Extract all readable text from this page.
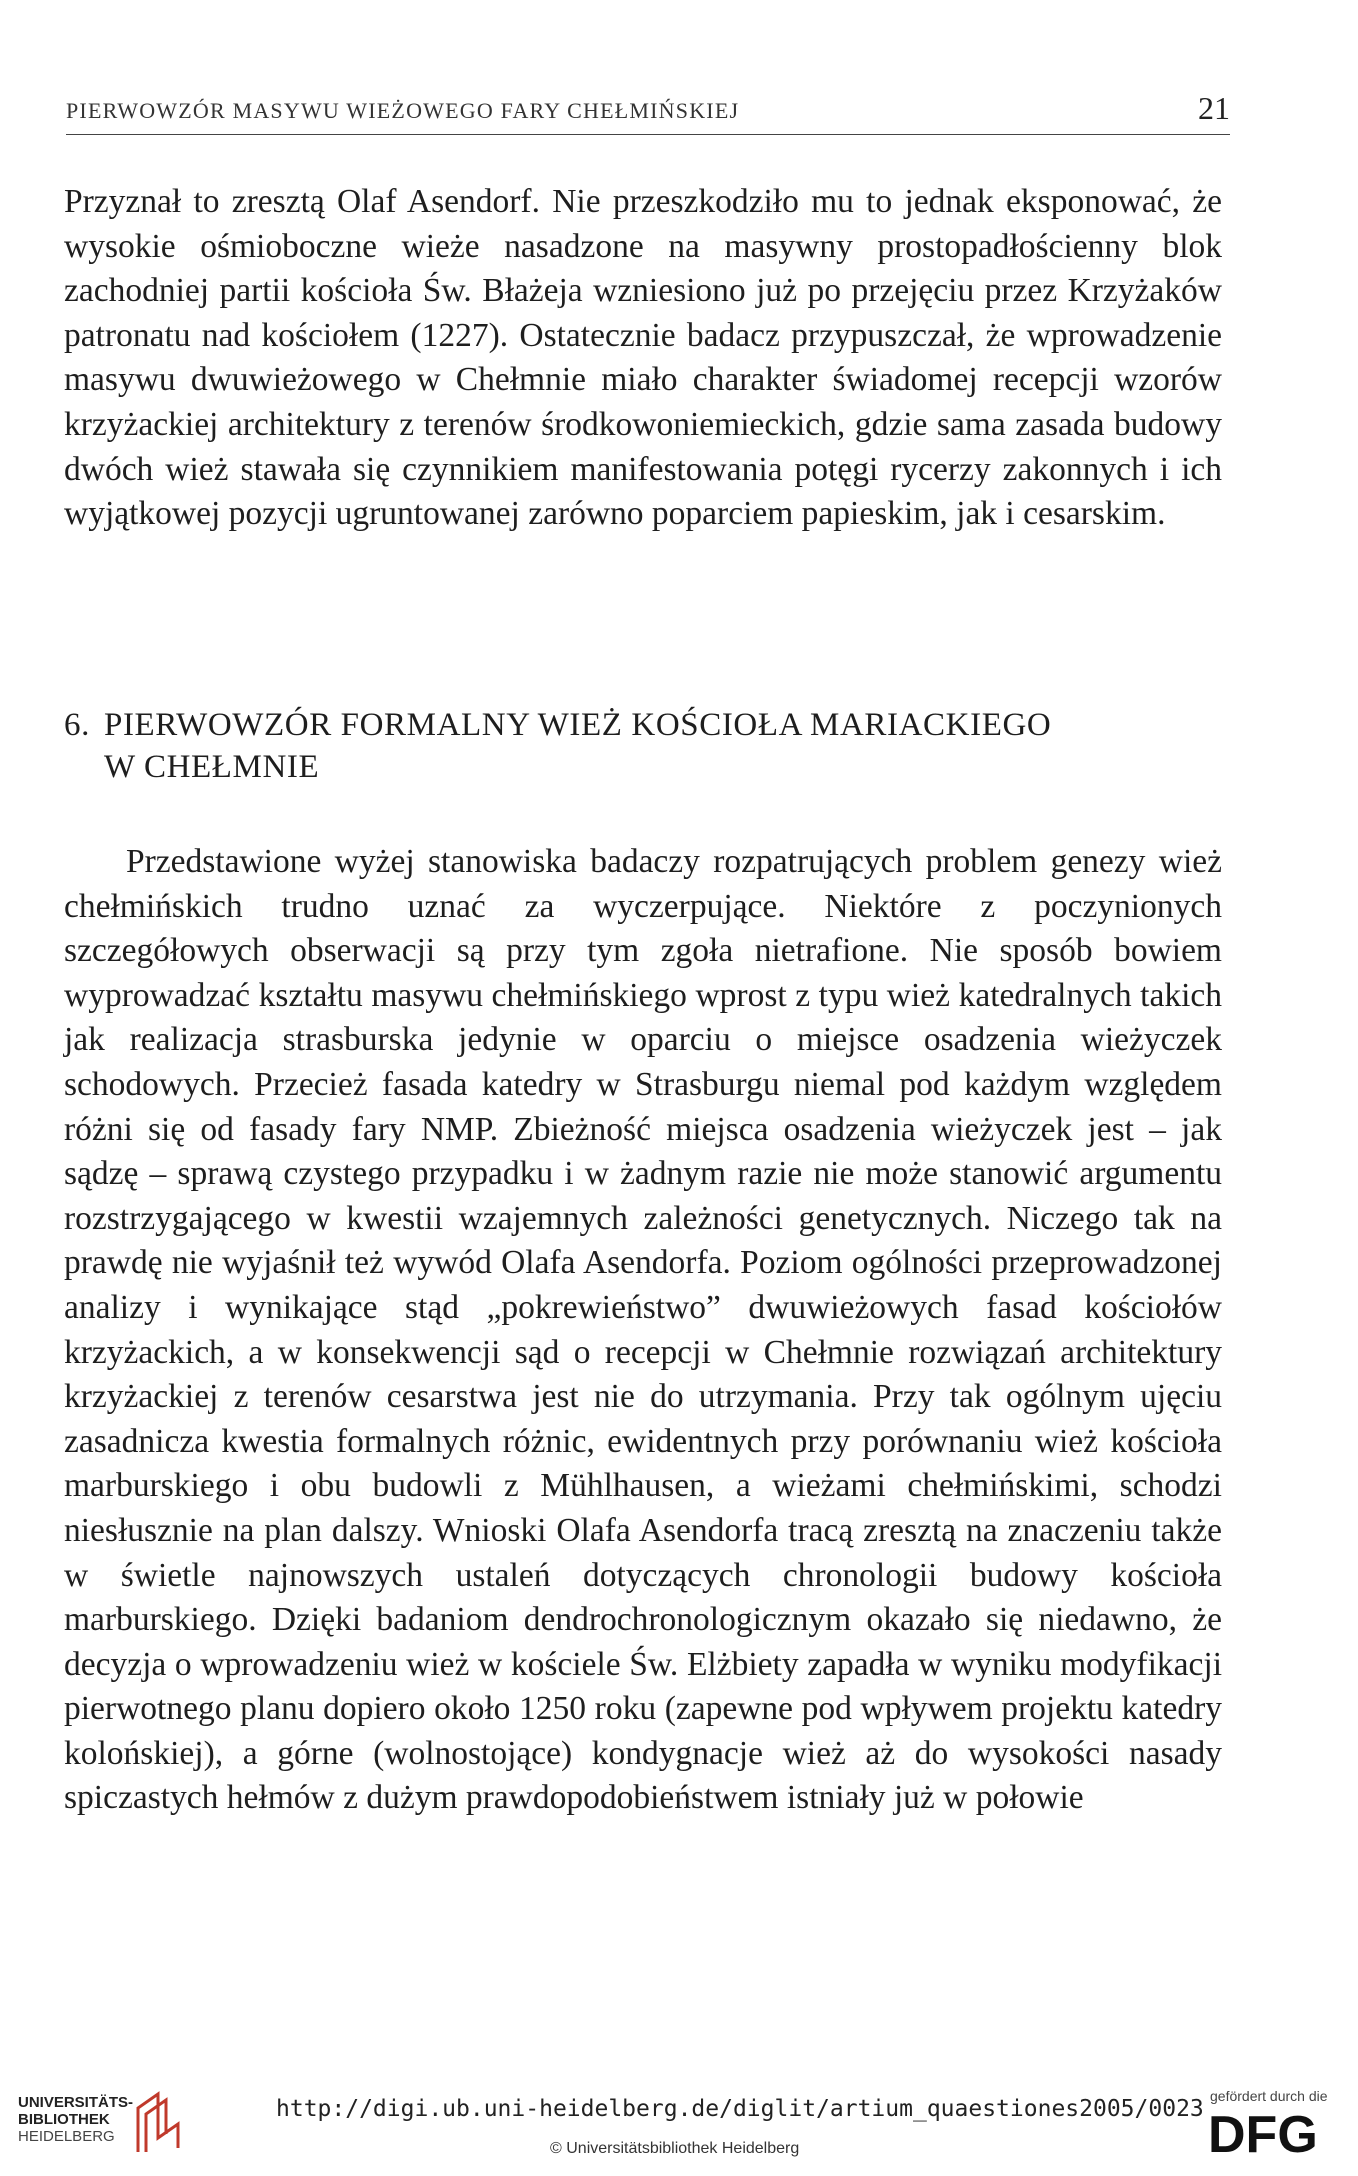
PIERWOWZÓR MASYWU WIEŻOWEGO FARY CHEŁMIŃSKIEJ	21

Przyznał to zresztą Olaf Asendorf. Nie przeszkodziło mu to jednak eksponować, że wysokie ośmioboczne wieże nasadzone na masywny prostopadłościenny blok zachodniej partii kościoła Św. Błażeja wzniesiono już po przejęciu przez Krzyżaków patronatu nad kościołem (1227). Ostatecznie badacz przypuszczał, że wprowadzenie masywu dwuwieżowego w Chełmnie miało charakter świadomej recepcji wzorów krzyżackiej architektury z terenów środkowoniemieckich, gdzie sama zasada budowy dwóch wież stawała się czynnikiem manifestowania potęgi rycerzy zakonnych i ich wyjątkowej pozycji ugruntowanej zarówno poparciem papieskim, jak i cesarskim.

6. PIERWOWZÓR FORMALNY WIEŻ KOŚCIOŁA MARIACKIEGO
W CHEŁMNIE

Przedstawione wyżej stanowiska badaczy rozpatrujących problem genezy wież chełmińskich trudno uznać za wyczerpujące. Niektóre z poczynionych szczegółowych obserwacji są przy tym zgoła nietrafione. Nie sposób bowiem wyprowadzać kształtu masywu chełmińskiego wprost z typu wież katedralnych takich jak realizacja strasburska jedynie w oparciu o miejsce osadzenia wieżyczek schodowych. Przecież fasada katedry w Strasburgu niemal pod każdym względem różni się od fasady fary NMP. Zbieżność miejsca osadzenia wieżyczek jest – jak sądzę – sprawą czystego przypadku i w żadnym razie nie może stanowić argumentu rozstrzygającego w kwestii wzajemnych zależności genetycznych. Niczego tak na prawdę nie wyjaśnił też wywód Olafa Asendorfa. Poziom ogólności przeprowadzonej analizy i wynikające stąd „pokrewieństwo” dwuwieżowych fasad kościołów krzyżackich, a w konsekwencji sąd o recepcji w Chełmnie rozwiązań architektury krzyżackiej z terenów cesarstwa jest nie do utrzymania. Przy tak ogólnym ujęciu zasadnicza kwestia formalnych różnic, ewidentnych przy porównaniu wież kościoła marburskiego i obu budowli z Mühlhausen, a wieżami chełmińskimi, schodzi niesłusznie na plan dalszy. Wnioski Olafa Asendorfa tracą zresztą na znaczeniu także w świetle najnowszych ustaleń dotyczących chronologii budowy kościoła marburskiego. Dzięki badaniom dendrochronologicznym okazało się niedawno, że decyzja o wprowadzeniu wież w kościele Św. Elżbiety zapadła w wyniku modyfikacji pierwotnego planu dopiero około 1250 roku (zapewne pod wpływem projektu katedry kolońskiej), a górne (wolnostojące) kondygnacje wież aż do wysokości nasady spiczastych hełmów z dużym prawdopodobieństwem istniały już w połowie

UNIVERSITÄTS-
BIBLIOTHEK
HEIDELBERG
http://digi.ub.uni-heidelberg.de/diglit/artium_quaestiones2005/0023
© Universitätsbibliothek Heidelberg
gefördert durch die
DFG
